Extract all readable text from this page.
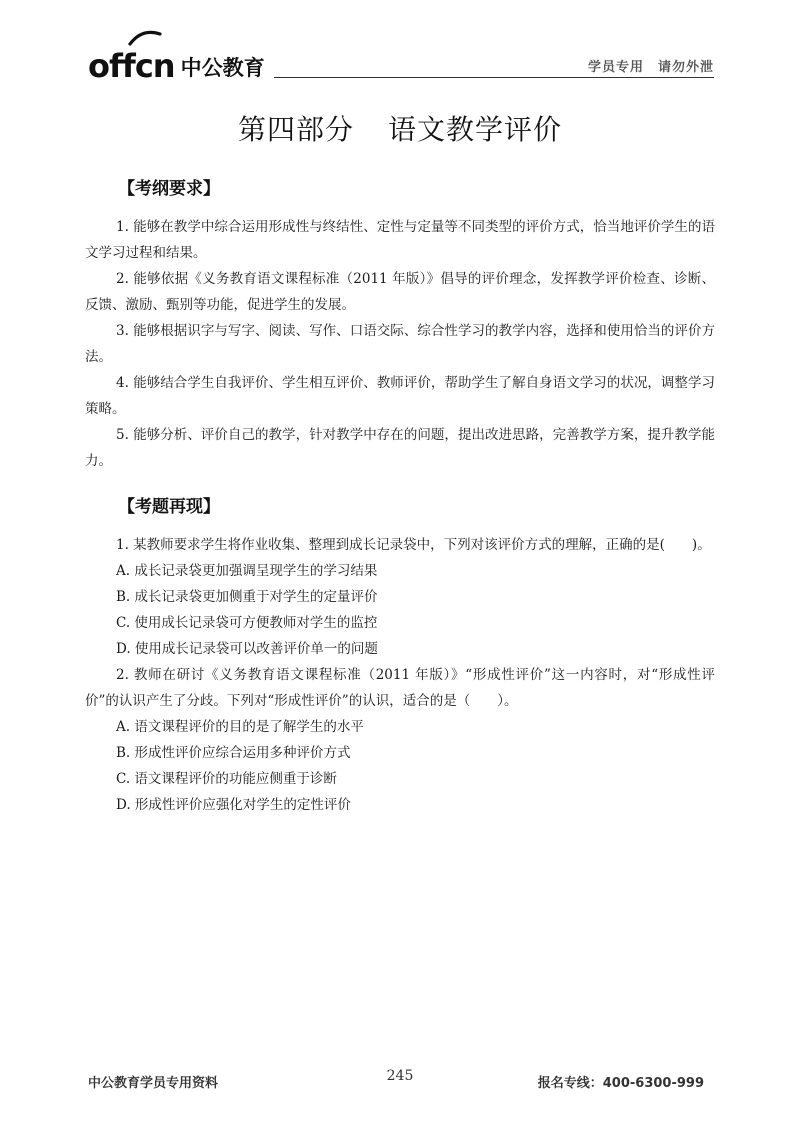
offcn 中公教育	学员专用 请勿外泄
第四部分 语文教学评价
【考纲要求】

1. 能够在教学中综合运用形成性与终结性、定性与定量等不同类型的评价方式，恰当地评价学生的语文学习过程和结果。

2. 能够依据《义务教育语文课程标准（2011 年版）》倡导的评价理念，发挥教学评价检查、诊断、反馈、激励、甄别等功能，促进学生的发展。

3. 能够根据识字与写字、阅读、写作、口语交际、综合性学习的教学内容，选择和使用恰当的评价方法。

4. 能够结合学生自我评价、学生相互评价、教师评价，帮助学生了解自身语文学习的状况，调整学习策略。

5. 能够分析、评价自己的教学，针对教学中存在的问题，提出改进思路，完善教学方案，提升教学能力。

【考题再现】

1. 某教师要求学生将作业收集、整理到成长记录袋中，下列对该评价方式的理解，正确的是(　　)。

A. 成长记录袋更加强调呈现学生的学习结果

B. 成长记录袋更加侧重于对学生的定量评价

C. 使用成长记录袋可方便教师对学生的监控

D. 使用成长记录袋可以改善评价单一的问题

2. 教师在研讨《义务教育语文课程标准（2011 年版）》“形成性评价”这一内容时，对“形成性评价”的认识产生了分歧。下列对“形成性评价”的认识，适合的是（　　）。

A. 语文课程评价的目的是了解学生的水平

B. 形成性评价应综合运用多种评价方式

C. 语文课程评价的功能应侧重于诊断

D. 形成性评价应强化对学生的定性评价

中公教育学员专用资料	245	报名专线：400-6300-999
